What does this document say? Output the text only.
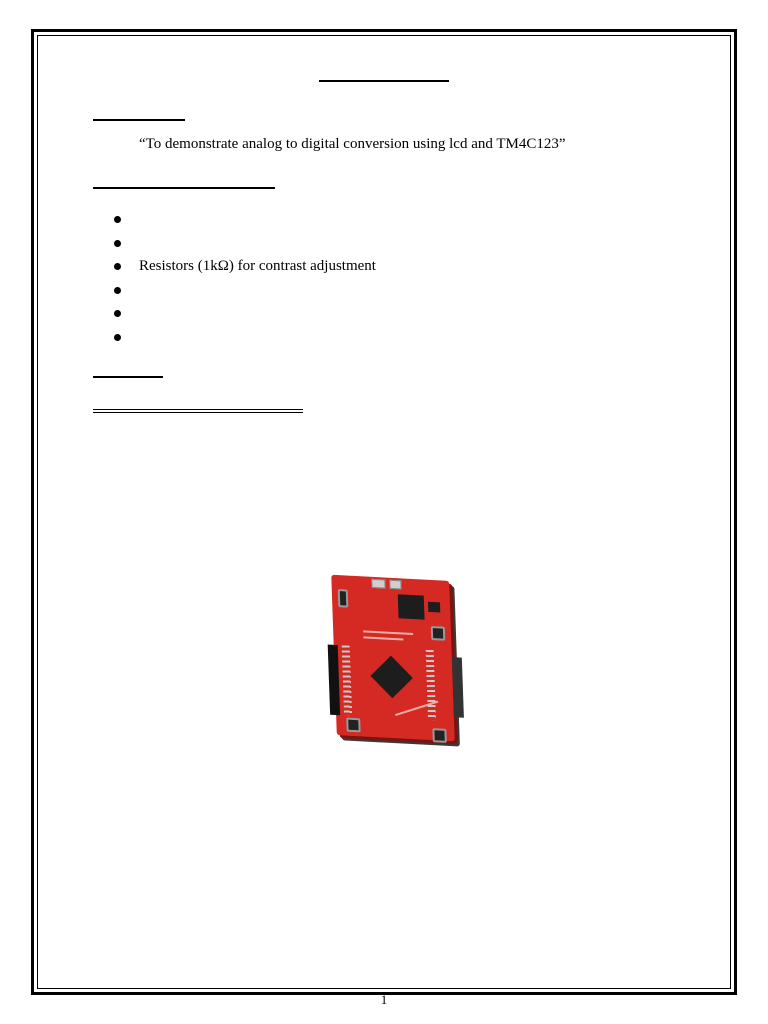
“To demonstrate analog to digital conversion using lcd and TM4C123”
Resistors (1kΩ) for contrast adjustment
1
